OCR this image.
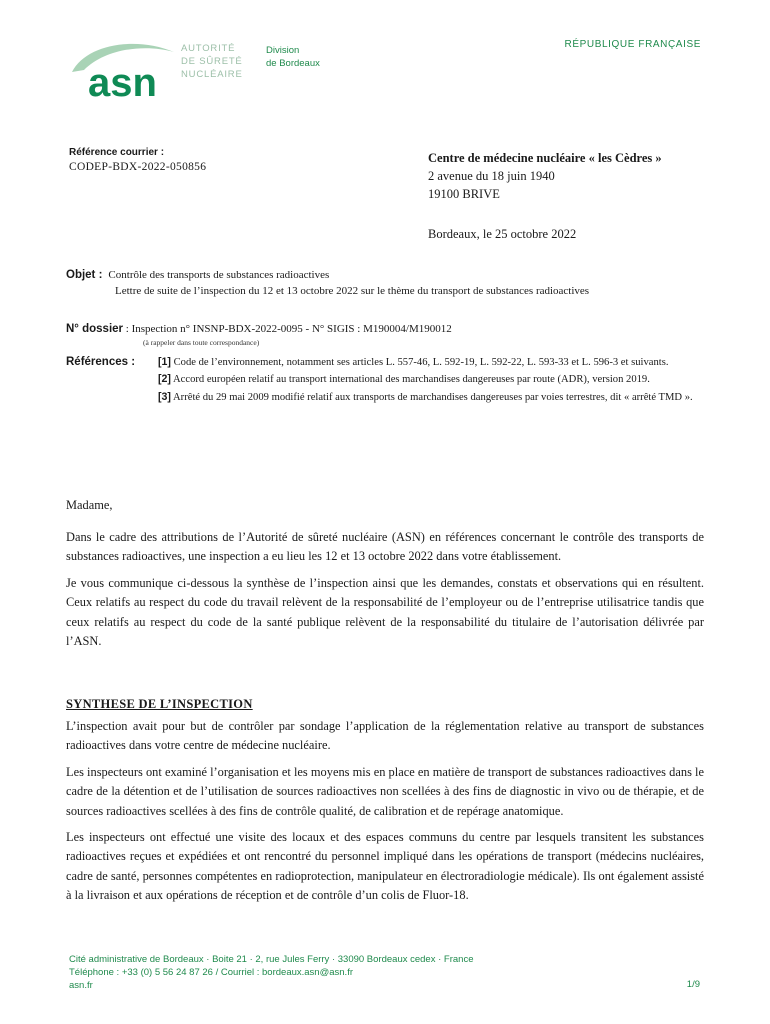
asn
AUTORITÉ
DE SÛRETÉ
NUCLÉAIRE
Division
de Bordeaux
RÉPUBLIQUE FRANÇAISE
Référence courrier :
CODEP-BDX-2022-050856
Centre de médecine nucléaire « les Cèdres »
2 avenue du 18 juin 1940
19100 BRIVE
Bordeaux, le 25 octobre 2022
Objet : Contrôle des transports de substances radioactives
Lettre de suite de l’inspection du 12 et 13 octobre 2022 sur le thème du transport de substances radioactives
N° dossier : Inspection n° INSNP-BDX-2022-0095 - N° SIGIS : M190004/M190012
(à rappeler dans toute correspondance)
Références :	[1] Code de l’environnement, notamment ses articles L. 557-46, L. 592-19, L. 592-22, L. 593-33 et L. 596-3 et suivants.
[2] Accord européen relatif au transport international des marchandises dangereuses par route (ADR), version 2019.
[3] Arrêté du 29 mai 2009 modifié relatif aux transports de marchandises dangereuses par voies terrestres, dit « arrêté TMD ».
Madame,

Dans le cadre des attributions de l’Autorité de sûreté nucléaire (ASN) en références concernant le contrôle des transports de substances radioactives, une inspection a eu lieu les 12 et 13 octobre 2022 dans votre établissement.

Je vous communique ci-dessous la synthèse de l’inspection ainsi que les demandes, constats et observations qui en résultent. Ceux relatifs au respect du code du travail relèvent de la responsabilité de l’employeur ou de l’entreprise utilisatrice tandis que ceux relatifs au respect du code de la santé publique relèvent de la responsabilité du titulaire de l’autorisation délivrée par l’ASN.

SYNTHESE DE L’INSPECTION

L’inspection avait pour but de contrôler par sondage l’application de la réglementation relative au transport de substances radioactives dans votre centre de médecine nucléaire.

Les inspecteurs ont examiné l’organisation et les moyens mis en place en matière de transport de substances radioactives dans le cadre de la détention et de l’utilisation de sources radioactives non scellées à des fins de diagnostic in vivo ou de thérapie, et de sources radioactives scellées à des fins de contrôle qualité, de calibration et de repérage anatomique.

Les inspecteurs ont effectué une visite des locaux et des espaces communs du centre par lesquels transitent les substances radioactives reçues et expédiées et ont rencontré du personnel impliqué dans les opérations de transport (médecins nucléaires, cadre de santé, personnes compétentes en radioprotection, manipulateur en électroradiologie médicale). Ils ont également assisté à la livraison et aux opérations de réception et de contrôle d’un colis de Fluor-18.

Cité administrative de Bordeaux · Boite 21 · 2, rue Jules Ferry · 33090 Bordeaux cedex · France
Téléphone : +33 (0) 5 56 24 87 26 / Courriel : bordeaux.asn@asn.fr
asn.fr	1/9
